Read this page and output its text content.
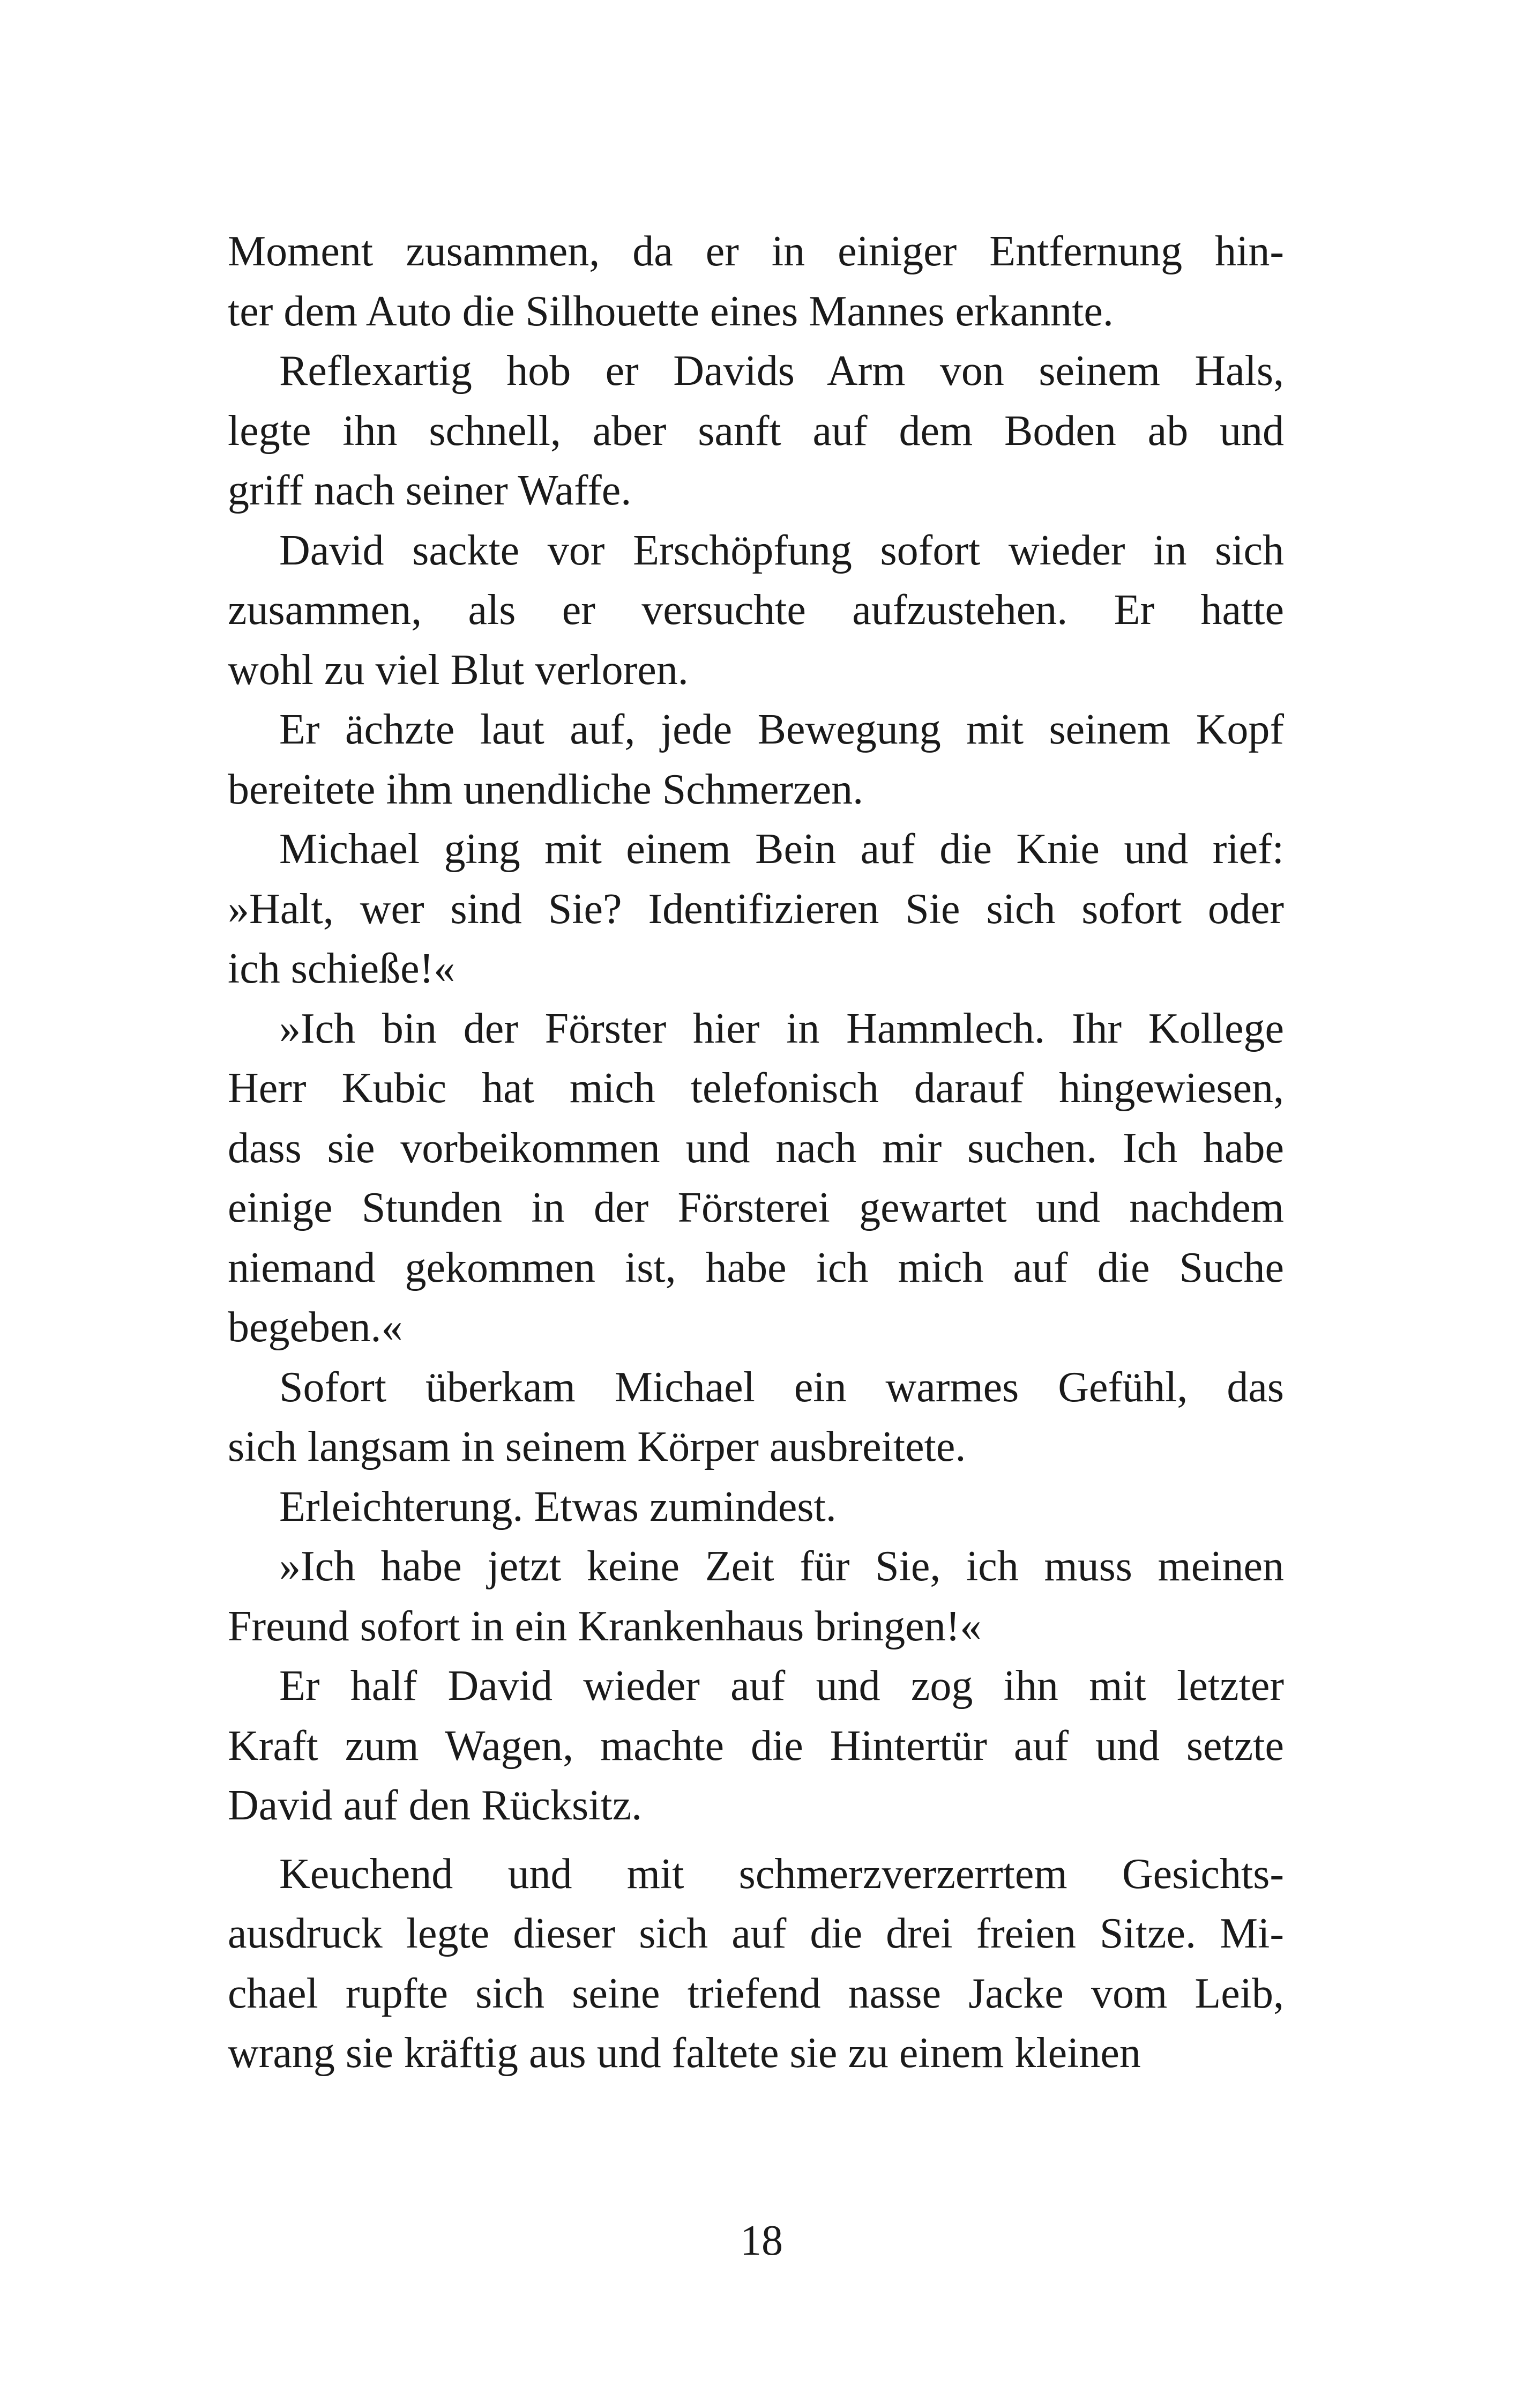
Moment zusammen, da er in einiger Entfernung hin-
ter dem Auto die Silhouette eines Mannes erkannte.
Reflexartig hob er Davids Arm von seinem Hals,
legte ihn schnell, aber sanft auf dem Boden ab und
griff nach seiner Waffe.
David sackte vor Erschöpfung sofort wieder in sich
zusammen, als er versuchte aufzustehen. Er hatte
wohl zu viel Blut verloren.
Er ächzte laut auf, jede Bewegung mit seinem Kopf
bereitete ihm unendliche Schmerzen.
Michael ging mit einem Bein auf die Knie und rief:
»Halt, wer sind Sie? Identifizieren Sie sich sofort oder
ich schieße!«
»Ich bin der Förster hier in Hammlech. Ihr Kollege
Herr Kubic hat mich telefonisch darauf hingewiesen,
dass sie vorbeikommen und nach mir suchen. Ich habe
einige Stunden in der Försterei gewartet und nachdem
niemand gekommen ist, habe ich mich auf die Suche
begeben.«
Sofort überkam Michael ein warmes Gefühl, das
sich langsam in seinem Körper ausbreitete.
Erleichterung. Etwas zumindest.
»Ich habe jetzt keine Zeit für Sie, ich muss meinen
Freund sofort in ein Krankenhaus bringen!«
Er half David wieder auf und zog ihn mit letzter
Kraft zum Wagen, machte die Hintertür auf und setzte
David auf den Rücksitz.
Keuchend und mit schmerzverzerrtem Gesichts-
ausdruck legte dieser sich auf die drei freien Sitze. Mi-
chael rupfte sich seine triefend nasse Jacke vom Leib,
wrang sie kräftig aus und faltete sie zu einem kleinen
18
